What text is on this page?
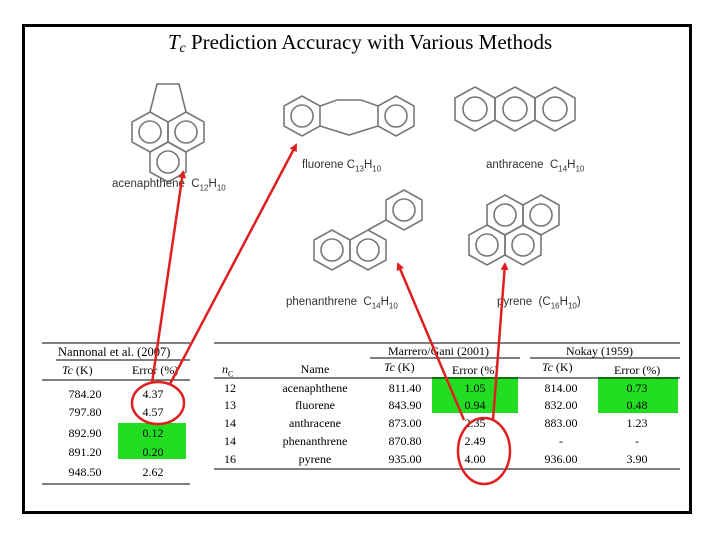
$T_c$ Prediction Accuracy with Various Methods
acenaphthene $C_{12}H_{10}$
fluorene $C_{13}H_{10}$	anthracene $C_{14}H_{10}$
phenanthrene $C_{14}H_{10}$	pyrene  $(C_{16}H_{10})$
Nannonal et al. (2007)
Tc (K)	Error (%)
784.20	4.37
797.80	4.57
892.90	0.12
891.20	0.20
948.50	2.62
Marrero/Gani (2001)	Nokay (1959)
$n_C$	Name	Tc (K)	Error (%)	Tc (K)	Error (%)
12	acenaphthene	811.40	1.05	814.00	0.73
13	fluorene	843.90	0.94	832.00	0.48
14	anthracene	873.00	2.35	883.00	1.23
14	phenanthrene	870.80	2.49	-	-
16	pyrene	935.00	4.00	936.00	3.90
